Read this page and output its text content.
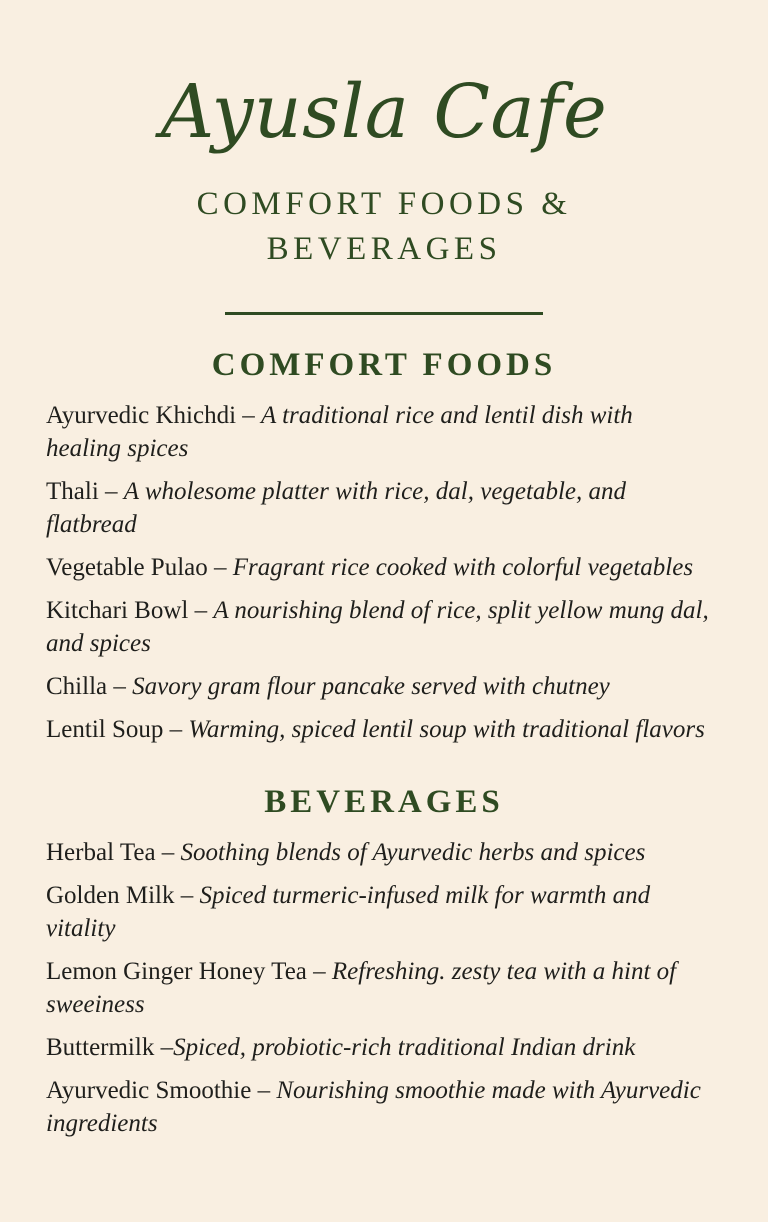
Ayusla Cafe
COMFORT FOODS & BEVERAGES
COMFORT FOODS
Ayurvedic Khichdi – A traditional rice and lentil dish with healing spices
Thali – A wholesome platter with rice, dal, vegetable, and flatbread
Vegetable Pulao – Fragrant rice cooked with colorful vegetables
Kitchari Bowl – A nourishing blend of rice, split yellow mung dal, and spices
Chilla – Savory gram flour pancake served with chutney
Lentil Soup – Warming, spiced lentil soup with traditional flavors
BEVERAGES
Herbal Tea – Soothing blends of Ayurvedic herbs and spices
Golden Milk – Spiced turmeric-infused milk for warmth and vitality
Lemon Ginger Honey Tea – Refreshing. zesty tea with a hint of sweeiness
Buttermilk –Spiced, probiotic-rich traditional Indian drink
Ayurvedic Smoothie – Nourishing smoothie made with Ayurvedic ingredients
